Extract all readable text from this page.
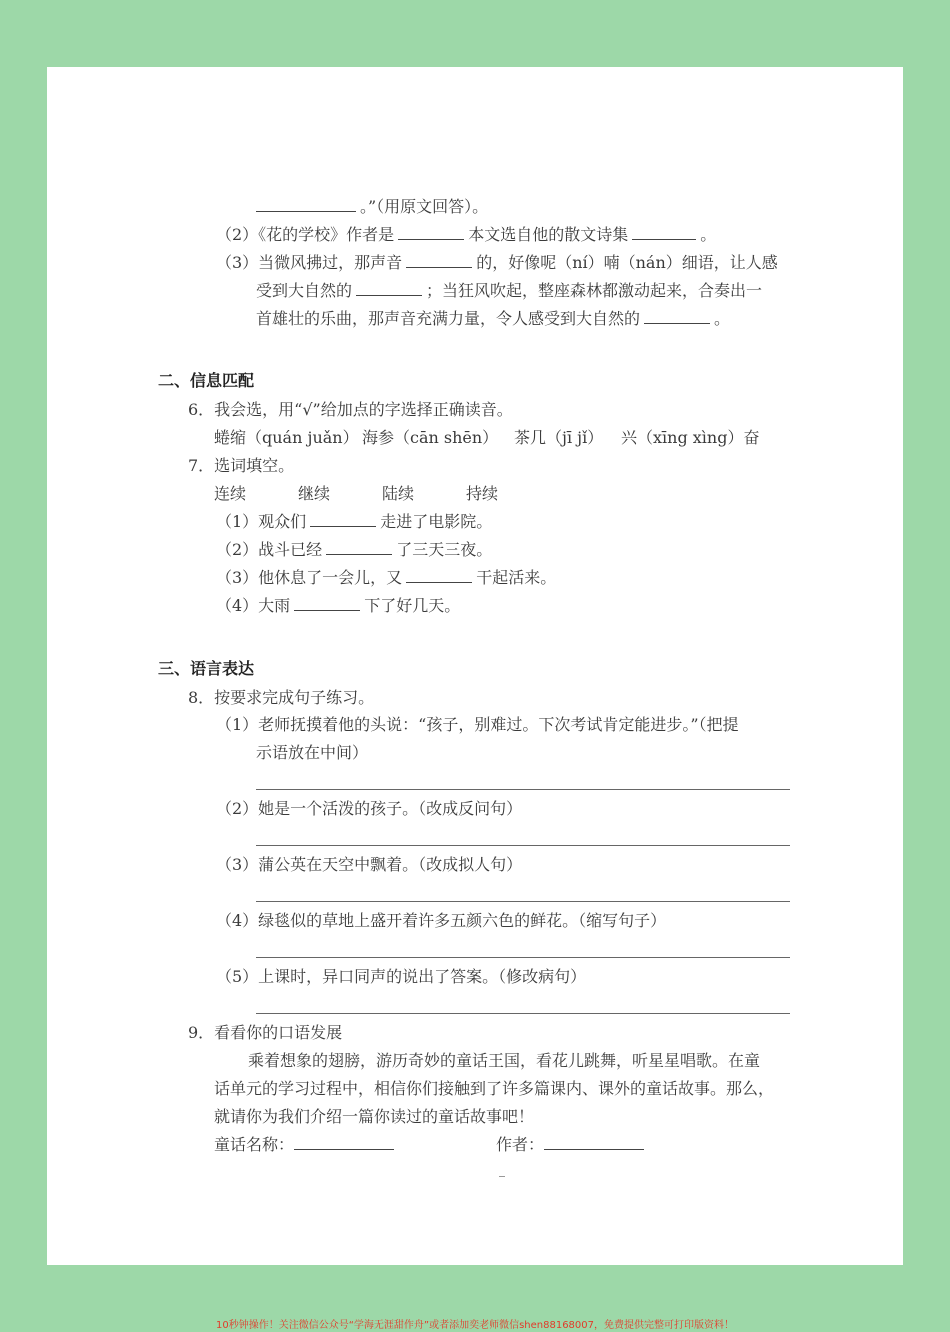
。”（用原文回答）。
（2）《花的学校》作者是	本文选自他的散文诗集	。
（3）当微风拂过，那声音	的，好像呢（ní）喃（nán）细语，让人感
受到大自然的	；当狂风吹起，整座森林都激动起来，合奏出一
首雄壮的乐曲，那声音充满力量，令人感受到大自然的	。
二、信息匹配
6．我会选，用“√”给加点的字选择正确读音。
蜷缩（quán juǎn） 海参（cān shēn） 茶几（jī jǐ） 兴（xīng xìng）奋
7．选词填空。
连续	继续	陆续	持续
（1）观众们	走进了电影院。
（2）战斗已经	了三天三夜。
（3）他休息了一会儿，又	干起活来。
（4）大雨	下了好几天。
三、语言表达
8．按要求完成句子练习。
（1）老师抚摸着他的头说：“孩子，别难过。下次考试肯定能进步。”（把提
示语放在中间）
（2）她是一个活泼的孩子。（改成反问句）
（3）蒲公英在天空中飘着。（改成拟人句）
（4）绿毯似的草地上盛开着许多五颜六色的鲜花。（缩写句子）
（5）上课时，异口同声的说出了答案。（修改病句）
9．看看你的口语发展
乘着想象的翅膀，游历奇妙的童话王国，看花儿跳舞，听星星唱歌。在童
话单元的学习过程中，相信你们接触到了许多篇课内、课外的童话故事。那么，
就请你为我们介绍一篇你读过的童话故事吧！
童话名称：	作者：
10秒钟操作！关注微信公众号“学海无涯甜作舟”或者添加奕老师微信shen88168007，免费提供完整可打印版资料！
